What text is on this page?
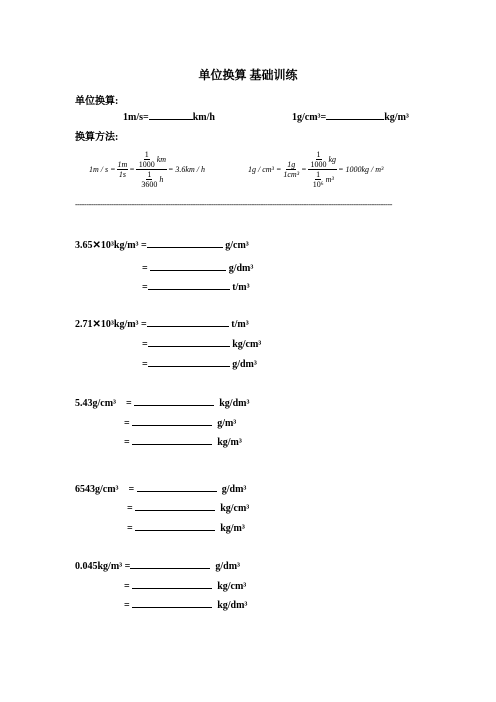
单位换算 基础训练
单位换算:
1m/s=	km/h	1g/cm³=	kg/m³
换算方法:
$1m / s = \frac{1m}{1s} = \frac{\frac{1}{1000} km}{\frac{1}{3600} h} = 3.6km / h$	$1g / cm^3 = \frac{1g}{\text{1cm³}} = \frac{\frac{1}{1000} kg}{\frac{1}{\text{10⁶}} m^3} = 1000kg / m^3$
--------------------------------------------------------------------------------------------------------------------------------------------
3.65✕10³kg/m³ =	g/cm³
=	g/dm³
=	t/m³
2.71✕10³kg/m³ =	t/m³
=	kg/cm³
=	g/dm³
5.43g/cm³    =	kg/dm³
=	g/m³
=	kg/m³
6543g/cm³    =	g/dm³
=	kg/cm³
=	kg/m³
0.045kg/m³ =	g/dm³
=	kg/cm³
=	kg/dm³
